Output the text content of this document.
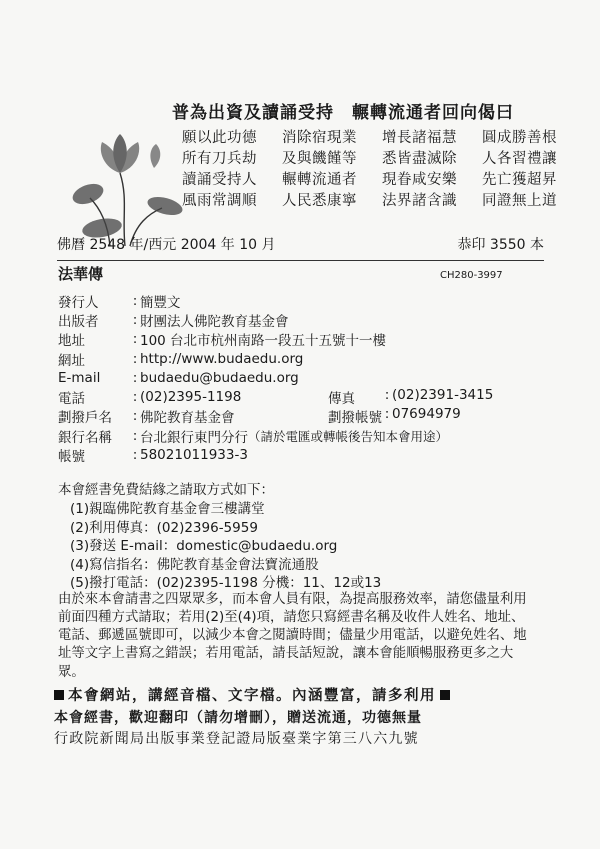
普為出資及讀誦受持　輾轉流通者回向偈曰
願以此功德	消除宿現業	增長諸福慧	圓成勝善根
所有刀兵劫	及與饑饉等	悉皆盡滅除	人各習禮讓
讀誦受持人	輾轉流通者	現眷咸安樂	先亡獲超昇
風雨常調順	人民悉康寧	法界諸含識	同證無上道
佛曆 2548 年/西元 2004 年 10 月	恭印 3550 本
法華傳	CH280-3997
發行人	: 簡豐文
出版者	: 財團法人佛陀教育基金會
地址	: 100 台北市杭州南路一段五十五號十一樓
網址	: http://www.budaedu.org
E-mail : budaedu@budaedu.org
電話	: (02)2395-1198	傳真 : (02)2391-3415
劃撥戶名 : 佛陀教育基金會	劃撥帳號 : 07694979
銀行名稱 : 台北銀行東門分行 （請於電匯或轉帳後告知本會用途）
帳號	: 58021011933-3
本會經書免費結緣之請取方式如下：
(1)親臨佛陀教育基金會三樓講堂
(2)利用傳真：(02)2396-5959
(3)發送 E-mail：domestic@budaedu.org
(4)寫信指名：佛陀教育基金會法寶流通股
(5)撥打電話：(02)2395-1198 分機：11、12或13
由於來本會請書之四眾眾多，而本會人員有限，為提高服務效率，請您儘量利用前面四種方式請取；若用(2)至(4)項，請您只寫經書名稱及收件人姓名、地址、電話、郵遞區號即可，以減少本會之閱讀時間；儘量少用電話，以避免姓名、地址等文字上書寫之錯誤；若用電話，請長話短說，讓本會能順暢服務更多之大眾。
本會網站，講經音檔、文字檔。內涵豐富，請多利用
本會經書，歡迎翻印（請勿增刪），贈送流通，功德無量
行政院新聞局出版事業登記證局版臺業字第三八六九號
